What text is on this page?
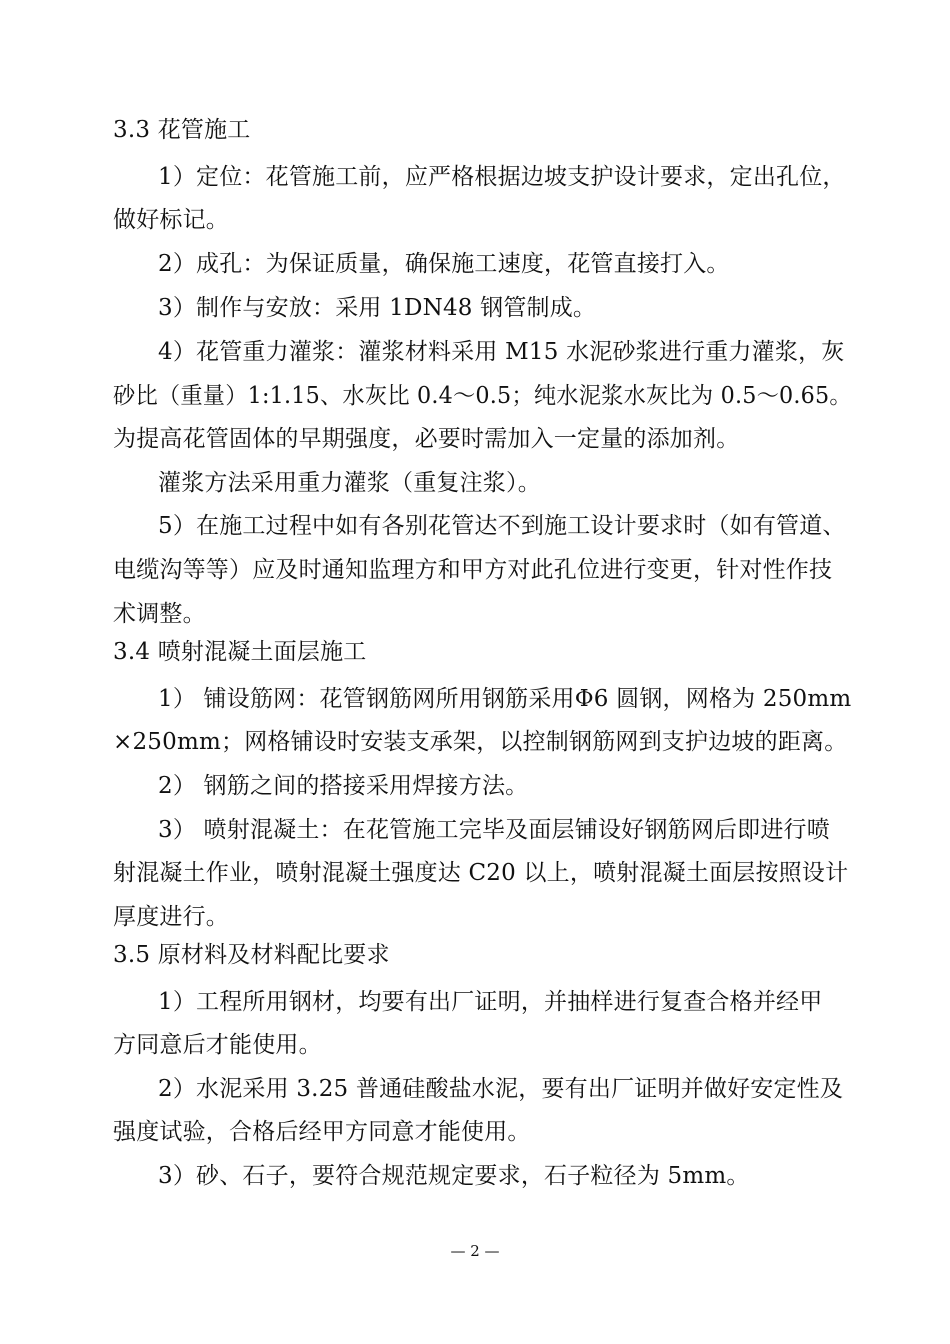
3.3 花管施工
1）定位：花管施工前，应严格根据边坡支护设计要求，定出孔位，
做好标记。
2）成孔：为保证质量，确保施工速度，花管直接打入。
3）制作与安放：采用 1DN48 钢管制成。
4）花管重力灌浆：灌浆材料采用 M15 水泥砂浆进行重力灌浆，灰
砂比（重量）1:1.15、水灰比 0.4～0.5；纯水泥浆水灰比为 0.5～0.65。
为提高花管固体的早期强度，必要时需加入一定量的添加剂。
灌浆方法采用重力灌浆（重复注浆）。
5）在施工过程中如有各别花管达不到施工设计要求时（如有管道、
电缆沟等等）应及时通知监理方和甲方对此孔位进行变更，针对性作技
术调整。
3.4 喷射混凝土面层施工
1） 铺设筋网：花管钢筋网所用钢筋采用Φ6 圆钢，网格为 250mm
×250mm；网格铺设时安装支承架，以控制钢筋网到支护边坡的距离。
2） 钢筋之间的搭接采用焊接方法。
3） 喷射混凝土：在花管施工完毕及面层铺设好钢筋网后即进行喷
射混凝土作业，喷射混凝土强度达 C20 以上，喷射混凝土面层按照设计
厚度进行。
3.5 原材料及材料配比要求
1）工程所用钢材，均要有出厂证明，并抽样进行复查合格并经甲
方同意后才能使用。
2）水泥采用 3.25 普通硅酸盐水泥，要有出厂证明并做好安定性及
强度试验，合格后经甲方同意才能使用。
3）砂、石子，要符合规范规定要求，石子粒径为 5mm。
— 2 —
